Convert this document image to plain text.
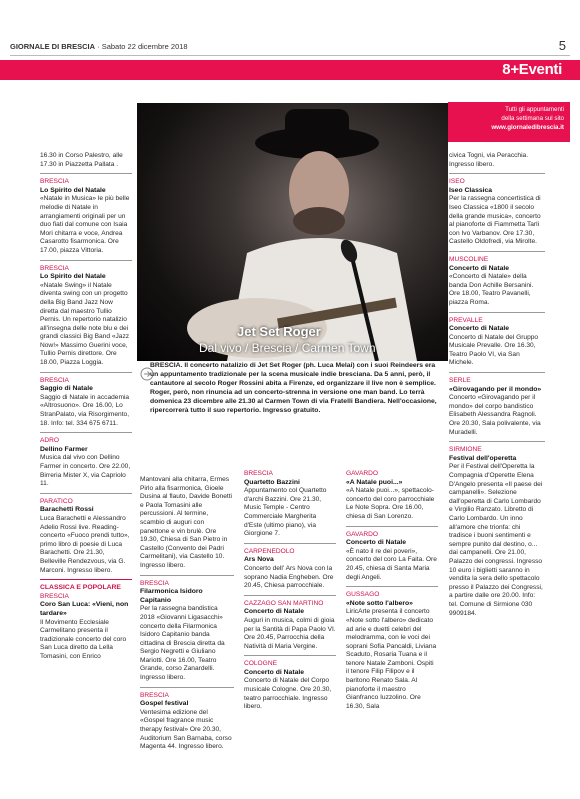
GIORNALE DI BRESCIA · Sabato 22 dicembre 2018	5
8+Eventi

Tutti gli appuntamenti

della settimana sul sito

www.giornaledibrescia.it

Jet Set Roger
Dal vivo / Brescia / Carmen Town
BRESCIA. Il concerto natalizio di Jet Set Roger (ph. Luca Melai) con i suoi Reindeers era un appuntamento tradizionale per la scena musicale indie bresciana. Da 5 anni, però, il cantautore al secolo Roger Rossini abita a Firenze, ed organizzare il live non è semplice. Roger, però, non rinuncia ad un concerto-strenna in versione one man band. Lo terrà domenica 23 dicembre alle 21.30 al Carmen Town di via Fratelli Bandiera. Nell'occasione, ripercorrerà tutto il suo repertorio. Ingresso gratuito.

16.30 in Corso Palestro, alle 17.30 in Piazzetta Pallata .

BRESCIA
Lo Spirito del Natale

«Natale in Musica» le più belle melodie di Natale in arrangiamenti originali per un duo fiati dal comune con Isaia Mori chitarra e voce, Andrea Casarotto fisarmonica. Ore 17.00, piazza Vittoria.

BRESCIA
Lo Spirito del Natale

«Natale Swing» il Natale diventa swing con un progetto della Big Band Jazz Now diretta dal maestro Tullio Pernis. Un repertorio natalizio all'insegna delle note blu e dei grandi classici Big Band «Jazz Now!» Massimo Guerini voce, Tullio Pernis direttore. Ore 18.00, Piazza Loggia.

BRESCIA
Saggio di Natale

Saggio di Natale in accademia «Altrosuono». Ore 16.00, Lo StranPalato, via Risorgimento, 18. Info: tel. 334 675 6711.

ADRO
Dellino Farmer

Musica dal vivo con Dellino Farmer in concerto. Ore 22.00, Birreria Mister X, via Capriolo 11.

PARATICO
Barachetti Rossi

Luca Barachetti e Alessandro Adelio Rossi live. Reading-concerto «Fuoco prendi tutto», primo libro di poesie di Luca Barachetti. Ore 21.30, Belleville Rendezvous, via G. Marconi. Ingresso libero.

CLASSICA E POPOLARE
BRESCIA
Coro San Luca: «Vieni, non tardare»

Il Movimento Ecclesiale Carmelitano presenta il tradizionale concerto del coro San Luca diretto da Lella Tomasini, con Enrico

Mantovani alla chitarra, Ermes Pirlo alla fisarmonica, Gioele Dusina al flauto, Davide Bonetti e Paola Tomasini alle percussioni. Al termine, scambio di auguri con panettone e vin brulè. Ore 19.30, Chiesa di San Pietro in Castello (Convento dei Padri Carmelitani), via Castello 10. Ingresso libero.

BRESCIA
Filarmonica Isidoro Capitanio

Per la rassegna bandistica 2018 «Giovanni Ligasacchi» concerto della Filarmonica Isidoro Capitanio banda cittadina di Brescia diretta da Sergio Negretti e Giuliano Mariotti. Ore 16.00, Teatro Grande, corso Zanardelli. Ingresso libero.

BRESCIA
Gospel festival

Ventesima edizione del «Gospel fragrance music therapy festival» Ore 20.30, Auditorium San Barnaba, corso Magenta 44. Ingresso libero.

BRESCIA
Quartetto Bazzini

Appuntamento col Quartetto d'archi Bazzini. Ore 21.30, Music Temple - Centro Commerciale Margherita d'Este (ultimo piano), via Giorgione 7.

CARPENEDOLO
Ars Nova

Concerto dell' Ars Nova con la soprano Nadia Engheben. Ore 20.45, Chiesa parrocchiale.

CAZZAGO SAN MARTINO
Concerto di Natale

Auguri in musica, colmi di gioia per la Santità di Papa Paolo VI. Ore 20.45, Parrocchia della Natività di Maria Vergine.

COLOGNE
Concerto di Natale

Concerto di Natale del Corpo musicale Cologne. Ore 20.30, teatro parrocchiale. Ingresso libero.

GAVARDO
«A Natale puoi...»

«A Natale puoi...», spettacolo-concerto del coro parrocchiale Le Note Sopra. Ore 16.00, chiesa di San Lorenzo.

GAVARDO
Concerto di Natale

«È nato il re dei poveri», concerto del coro La Faita. Ore 20.45, chiesa di Santa Maria degli Angeli.

GUSSAGO
«Note sotto l'albero»

LiricArte presenta il concerto «Note sotto l'albero» dedicato ad arie e duetti celebri del melodramma, con le voci dei soprani Sofia Pancaldi, Liviana Scaduto, Rosaria Tuana e il tenore Natale Zamboni. Ospiti il tenore Filip Filipov e il baritono Renato Sala. Al pianoforte il maestro Gianfranco Iuzzolino. Ore 16.30, Sala

civica Togni, via Peracchia. Ingresso libero.

ISEO
Iseo Classica

Per la rassegna concertistica di Iseo Classica «1800 il secolo della grande musica», concerto al pianoforte di Fiammetta Tarli con Ivo Varbanov. Ore 17.30, Castello Oldofredi, via Mirolte.

MUSCOLINE
Concerto di Natale

«Concerto di Natale» della banda Don Achille Bersanini. Ore 18.00, Teatro Pavanelli, piazza Roma.

PREVALLE
Concerto di Natale

Concerto di Natale del Gruppo Musicale Prevalle. Ore 16.30, Teatro Paolo VI, via San Michele.

SERLE
«Girovagando per il mondo»

Concerto «Girovagando per il mondo» del corpo bandistico Elisabeth Alessandra Ragnoli. Ore 20.30, Sala polivalente, via Muradelli.

SIRMIONE
Festival dell'operetta

Per il Festival dell'Operetta la Compagnia d'Operette Elena D'Angelo presenta «Il paese dei campanelli». Selezione dall'operetta di Carlo Lombardo e Virgilio Ranzato. Libretto di Carlo Lombardo. Un inno all'amore che trionfa: chi tradisce i buoni sentimenti e sempre punito dal destino, o... dai campanelli. Ore 21.00, Palazzo dei congressi. Ingresso 10 euro i biglietti saranno in vendita la sera dello spettacolo presso il Palazzo dei Congressi, a partire dalle ore 20.00. Info: tel. Comune di Sirmione 030 9909184.
